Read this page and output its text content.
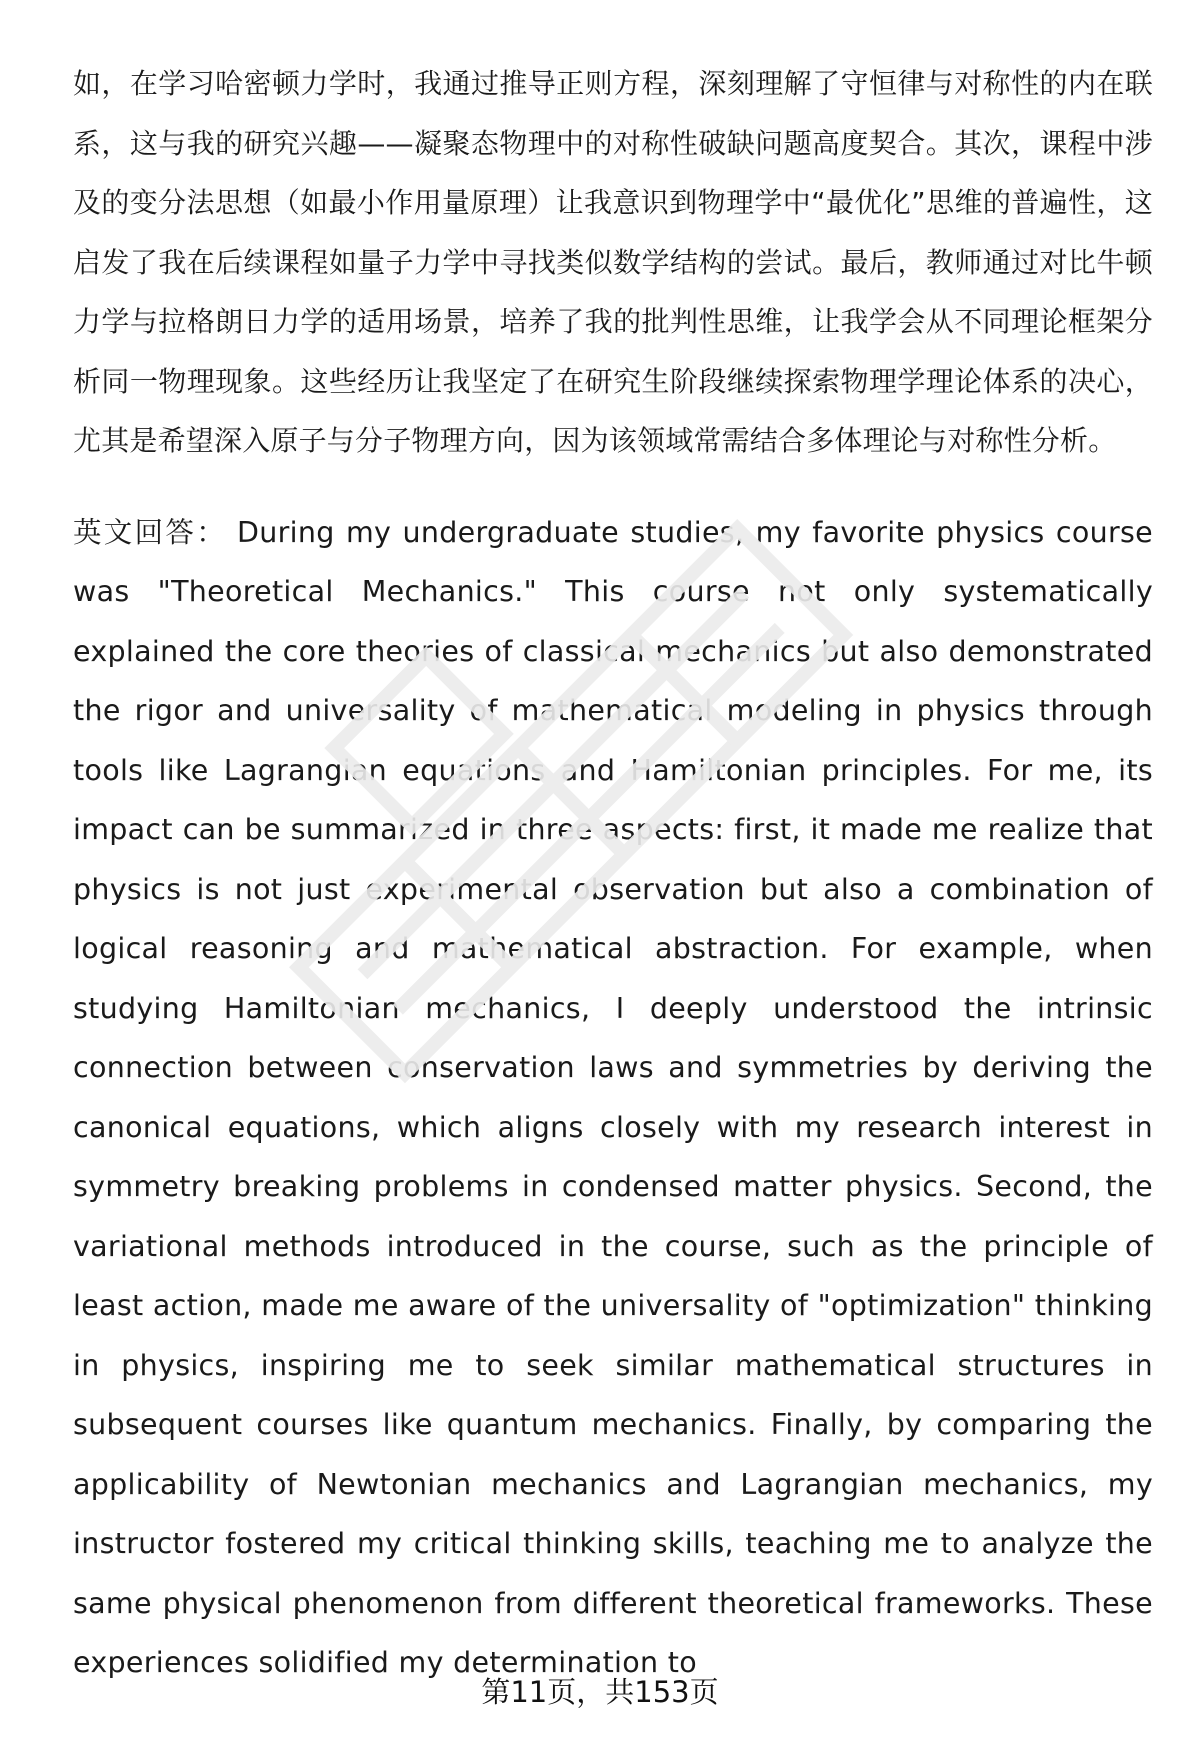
如，在学习哈密顿力学时，我通过推导正则方程，深刻理解了守恒律与对称性的内在联系，这与我的研究兴趣——凝聚态物理中的对称性破缺问题高度契合。其次，课程中涉及的变分法思想（如最小作用量原理）让我意识到物理学中“最优化”思维的普遍性，这启发了我在后续课程如量子力学中寻找类似数学结构的尝试。最后，教师通过对比牛顿力学与拉格朗日力学的适用场景，培养了我的批判性思维，让我学会从不同理论框架分析同一物理现象。这些经历让我坚定了在研究生阶段继续探索物理学理论体系的决心，尤其是希望深入原子与分子物理方向，因为该领域常需结合多体理论与对称性分析。

英文回答： During my undergraduate studies, my favorite physics course was "Theoretical Mechanics." This course not only systematically explained the core theories of classical mechanics but also demonstrated the rigor and universality of mathematical modeling in physics through tools like Lagrangian equations and Hamiltonian principles. For me, its impact can be summarized in three aspects: first, it made me realize that physics is not just experimental observation but also a combination of logical reasoning and mathematical abstraction. For example, when studying Hamiltonian mechanics, I deeply understood the intrinsic connection between conservation laws and symmetries by deriving the canonical equations, which aligns closely with my research interest in symmetry breaking problems in condensed matter physics. Second, the variational methods introduced in the course, such as the principle of least action, made me aware of the universality of "optimization" thinking in physics, inspiring me to seek similar mathematical structures in subsequent courses like quantum mechanics. Finally, by comparing the applicability of Newtonian mechanics and Lagrangian mechanics, my instructor fostered my critical thinking skills, teaching me to analyze the same physical phenomenon from different theoretical frameworks. These experiences solidified my determination to

第11页，共153页
